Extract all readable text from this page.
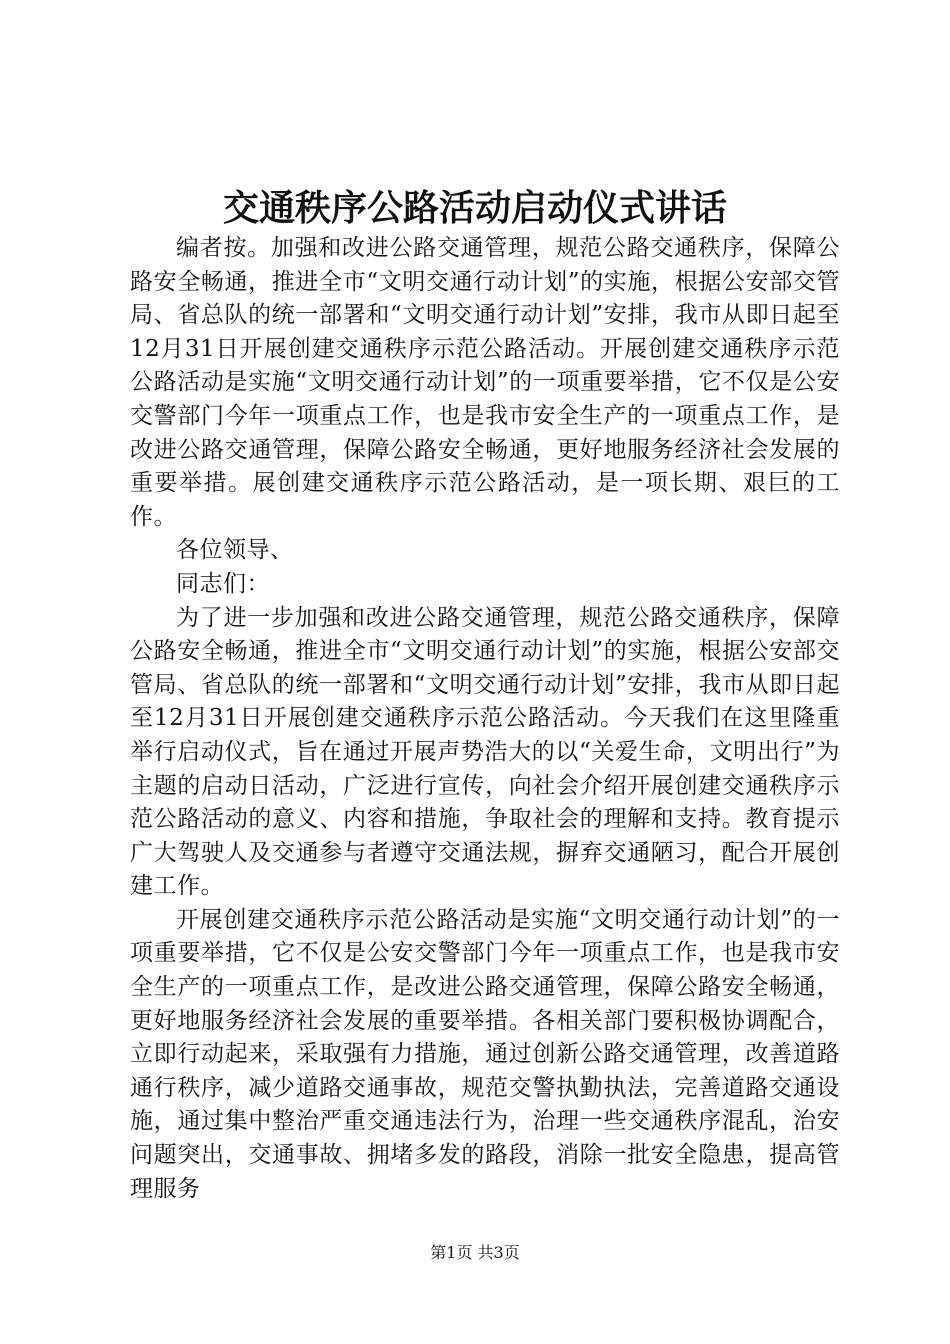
交通秩序公路活动启动仪式讲话

编者按。加强和改进公路交通管理，规范公路交通秩序，保障公路安全畅通，推进全市“文明交通行动计划”的实施，根据公安部交管局、省总队的统一部署和“文明交通行动计划”安排，我市从即日起至12月31日开展创建交通秩序示范公路活动。开展创建交通秩序示范公路活动是实施“文明交通行动计划”的一项重要举措，它不仅是公安交警部门今年一项重点工作，也是我市安全生产的一项重点工作，是改进公路交通管理，保障公路安全畅通，更好地服务经济社会发展的重要举措。展创建交通秩序示范公路活动，是一项长期、艰巨的工作。

各位领导、

同志们：

为了进一步加强和改进公路交通管理，规范公路交通秩序，保障公路安全畅通，推进全市“文明交通行动计划”的实施，根据公安部交管局、省总队的统一部署和“文明交通行动计划”安排，我市从即日起至12月31日开展创建交通秩序示范公路活动。今天我们在这里隆重举行启动仪式，旨在通过开展声势浩大的以“关爱生命，文明出行”为主题的启动日活动，广泛进行宣传，向社会介绍开展创建交通秩序示范公路活动的意义、内容和措施，争取社会的理解和支持。教育提示广大驾驶人及交通参与者遵守交通法规，摒弃交通陋习，配合开展创建工作。

开展创建交通秩序示范公路活动是实施“文明交通行动计划”的一项重要举措，它不仅是公安交警部门今年一项重点工作，也是我市安全生产的一项重点工作，是改进公路交通管理，保障公路安全畅通，更好地服务经济社会发展的重要举措。各相关部门要积极协调配合，立即行动起来，采取强有力措施，通过创新公路交通管理，改善道路通行秩序，减少道路交通事故，规范交警执勤执法，完善道路交通设施，通过集中整治严重交通违法行为，治理一些交通秩序混乱，治安问题突出，交通事故、拥堵多发的路段，消除一批安全隐患，提高管理服务

第1页 共3页
